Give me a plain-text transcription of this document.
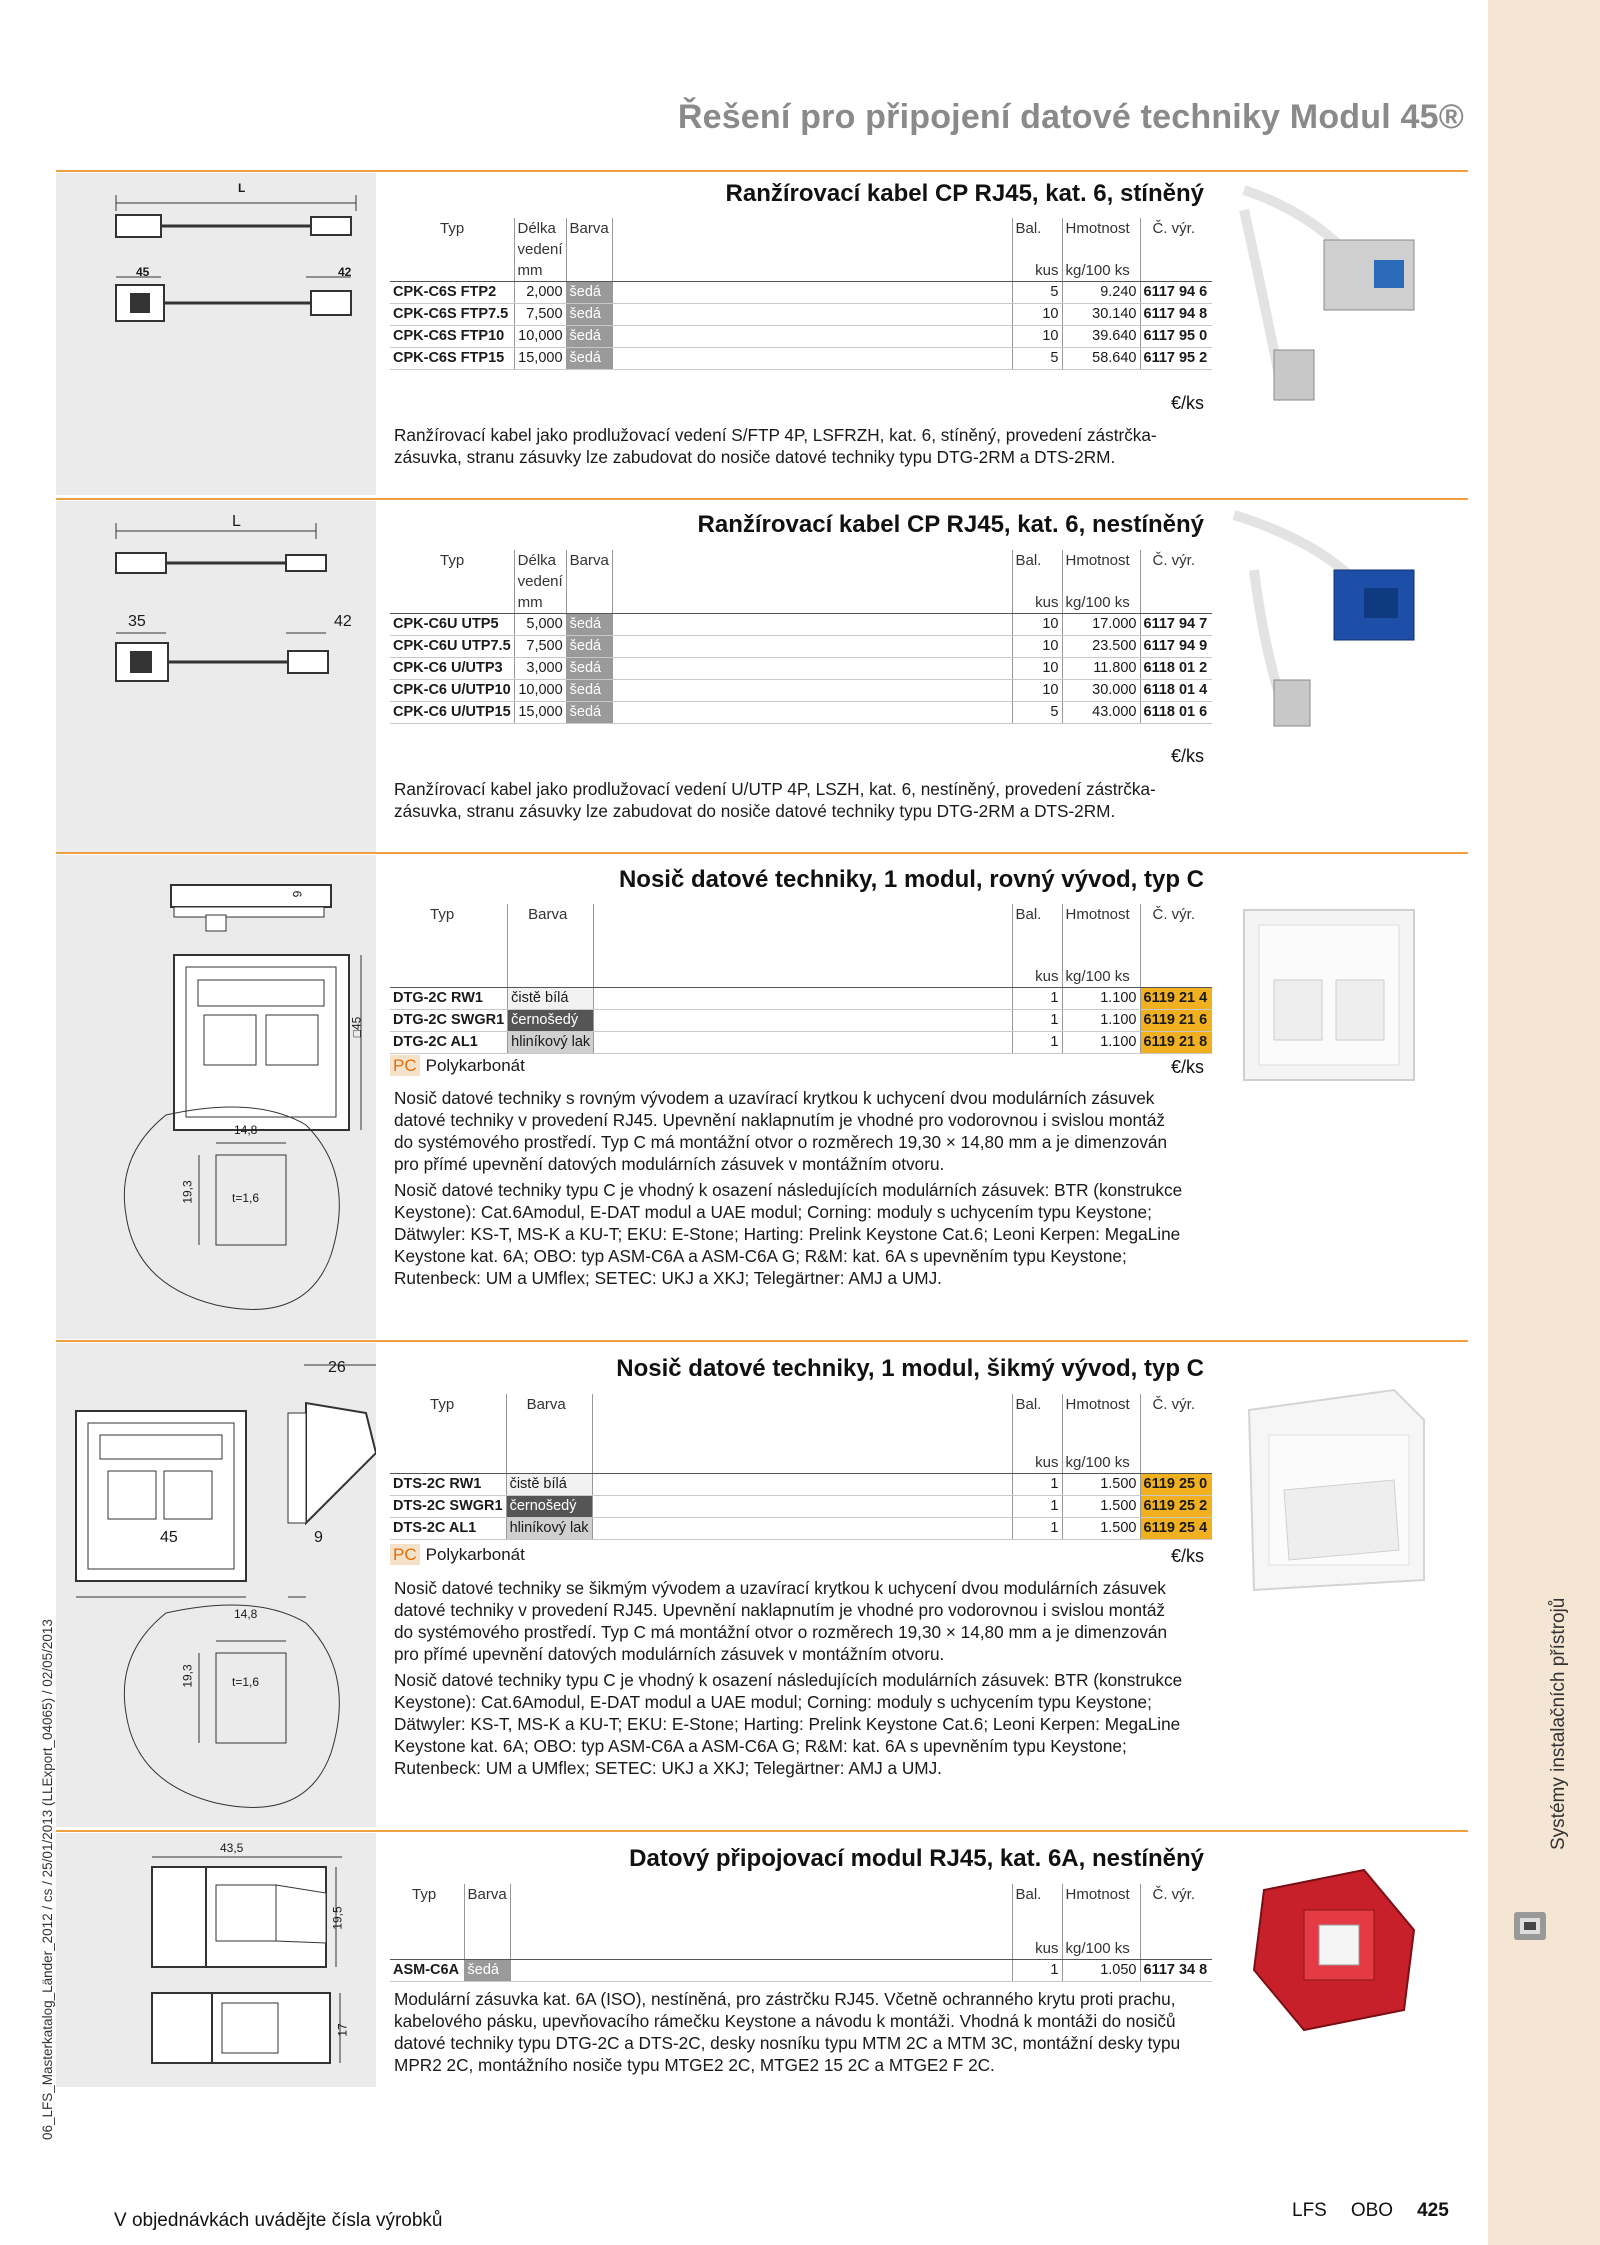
Systémy instalačních přístrojů
06_LFS_Masterkatalog_Länder_2012 / cs / 25/01/2013 (LLExport_04065) / 02/05/2013
Řešení pro připojení datové techniky Modul 45®
L
45	42
Ranžírovací kabel CP RJ45, kat. 6, stíněný
Typ	Délka vedení	Barva		Bal.	Hmotnost	Č. výr.
	mm			kus	kg/100 ks	
CPK-C6S FTP2	2,000	šedá		5	9.240	6117 94 6
CPK-C6S FTP7.5	7,500	šedá		10	30.140	6117 94 8
CPK-C6S FTP10	10,000	šedá		10	39.640	6117 95 0
CPK-C6S FTP15	15,000	šedá		5	58.640	6117 95 2
€/ks
Ranžírovací kabel jako prodlužovací vedení S/FTP 4P, LSFRZH, kat. 6, stíněný, provedení zástrčka-zásuvka, stranu zásuvky lze zabudovat do nosiče datové techniky typu DTG-2RM a DTS-2RM.
L
35	42
Ranžírovací kabel CP RJ45, kat. 6, nestíněný
Typ	Délka vedení	Barva		Bal.	Hmotnost	Č. výr.
	mm			kus	kg/100 ks	
CPK-C6U UTP5	5,000	šedá		10	17.000	6117 94 7
CPK-C6U UTP7.5	7,500	šedá		10	23.500	6117 94 9
CPK-C6 U/UTP3	3,000	šedá		10	11.800	6118 01 2
CPK-C6 U/UTP10	10,000	šedá		10	30.000	6118 01 4
CPK-C6 U/UTP15	15,000	šedá		5	43.000	6118 01 6
€/ks
Ranžírovací kabel jako prodlužovací vedení U/UTP 4P, LSZH, kat. 6, nestíněný, provedení zástrčka-zásuvka, stranu zásuvky lze zabudovat do nosiče datové techniky typu DTG-2RM a DTS-2RM.
9
□45
14,8
19,3	t=1,6
Nosič datové techniky, 1 modul, rovný vývod, typ C
Typ	Barva		Bal.	Hmotnost	Č. výr.
			kus	kg/100 ks	
DTG-2C RW1	čistě bílá		1	1.100	6119 21 4
DTG-2C SWGR1	černošedý		1	1.100	6119 21 6
DTG-2C AL1	hliníkový lak		1	1.100	6119 21 8
PC Polykarbonát	€/ks

Nosič datové techniky s rovným vývodem a uzavírací krytkou k uchycení dvou modulárních zásuvek datové techniky v provedení RJ45. Upevnění naklapnutím je vhodné pro vodorovnou i svislou montáž do systémového prostředí. Typ C má montážní otvor o rozměrech 19,30 × 14,80 mm a je dimenzován pro přímé upevnění datových modulárních zásuvek v montážním otvoru.

Nosič datové techniky typu C je vhodný k osazení následujících modulárních zásuvek: BTR (konstrukce Keystone): Cat.6Amodul, E-DAT modul a UAE modul; Corning: moduly s uchycením typu Keystone; Dätwyler: KS-T, MS-K a KU-T; EKU: E-Stone; Harting: Prelink Keystone Cat.6; Leoni Kerpen: MegaLine Keystone kat. 6A; OBO: typ ASM-C6A a ASM-C6A G; R&M: kat. 6A s upevněním typu Keystone; Rutenbeck: UM a UMflex; SETEC: UKJ a XKJ; Telegärtner: AMJ a UMJ.

26
45	9
14,8
19,3	t=1,6
Nosič datové techniky, 1 modul, šikmý vývod, typ C
Typ	Barva		Bal.	Hmotnost	Č. výr.
			kus	kg/100 ks	
DTS-2C RW1	čistě bílá		1	1.500	6119 25 0
DTS-2C SWGR1	černošedý		1	1.500	6119 25 2
DTS-2C AL1	hliníkový lak		1	1.500	6119 25 4
PC Polykarbonát	€/ks

Nosič datové techniky se šikmým vývodem a uzavírací krytkou k uchycení dvou modulárních zásuvek datové techniky v provedení RJ45. Upevnění naklapnutím je vhodné pro vodorovnou i svislou montáž do systémového prostředí. Typ C má montážní otvor o rozměrech 19,30 × 14,80 mm a je dimenzován pro přímé upevnění datových modulárních zásuvek v montážním otvoru.

Nosič datové techniky typu C je vhodný k osazení následujících modulárních zásuvek: BTR (konstrukce Keystone): Cat.6Amodul, E-DAT modul a UAE modul; Corning: moduly s uchycením typu Keystone; Dätwyler: KS-T, MS-K a KU-T; EKU: E-Stone; Harting: Prelink Keystone Cat.6; Leoni Kerpen: MegaLine Keystone kat. 6A; OBO: typ ASM-C6A a ASM-C6A G; R&M: kat. 6A s upevněním typu Keystone; Rutenbeck: UM a UMflex; SETEC: UKJ a XKJ; Telegärtner: AMJ a UMJ.

43,5
19,5
17
Datový připojovací modul RJ45, kat. 6A, nestíněný
Typ	Barva		Bal.	Hmotnost	Č. výr.
			kus	kg/100 ks	
ASM-C6A	šedá		1	1.050	6117 34 8
Modulární zásuvka kat. 6A (ISO), nestíněná, pro zástrčku RJ45. Včetně ochranného krytu proti prachu, kabelového pásku, upevňovacího rámečku Keystone a návodu k montáži. Vhodná k montáži do nosičů datové techniky typu DTG-2C a DTS-2C, desky nosníku typu MTM 2C a MTM 3C, montážní desky typu MPR2 2C, montážního nosiče typu MTGE2 2C, MTGE2 15 2C a MTGE2 F 2C.
V objednávkách uvádějte čísla výrobků	LFS OBO 425
